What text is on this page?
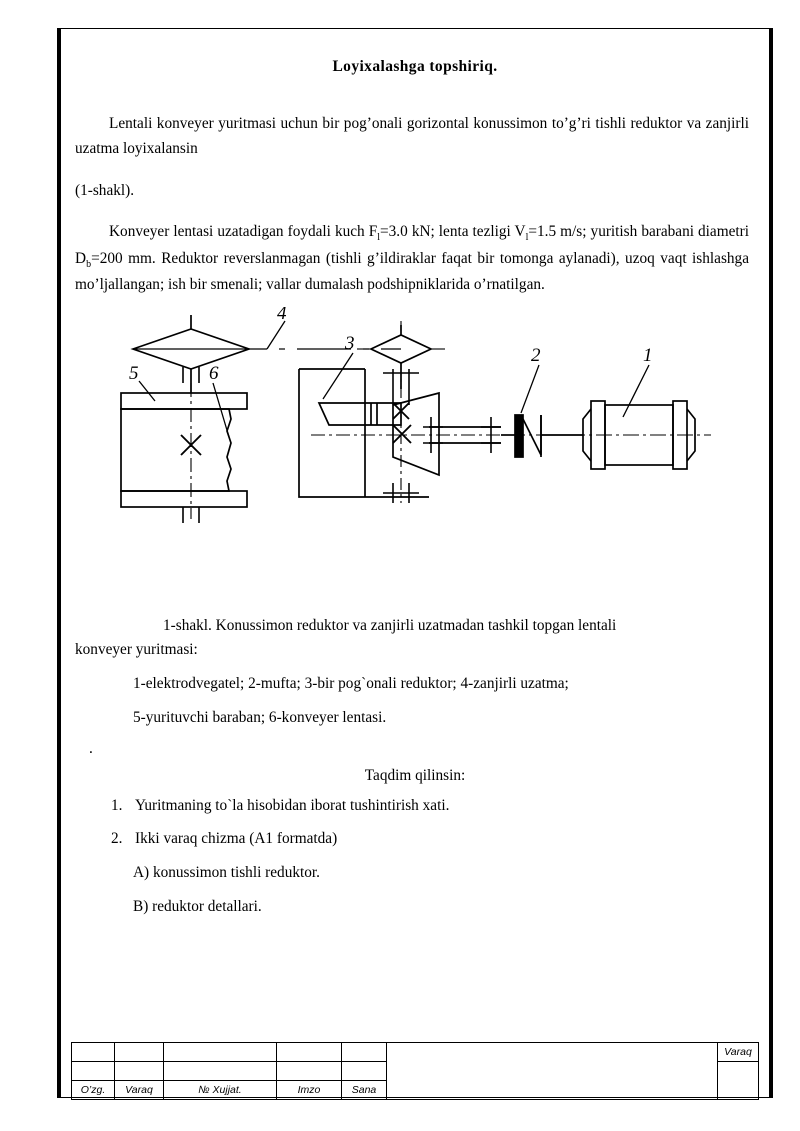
Loyixalashga topshiriq.
Lentali konveyer yuritmasi uchun bir pog’onali gorizontal konussimon to’g’ri tishli reduktor va zanjirli uzatma loyixalansin
(1-shakl).
Konveyer lentasi uzatadigan foydali kuch $F_l=3.0$ kN; lenta tezligi $V_l=1.5$ m/s; yuritish barabani diametri $D_b=200$ mm. Reduktor reverslanmagan (tishli g’ildiraklar faqat bir tomonga aylanadi), uzoq vaqt ishlashga mo’ljallangan; ish bir smenali; vallar dumalash podshipniklarida o’rnatilgan.
4
3
2	1
5	6
1-shakl. Konussimon reduktor va zanjirli uzatmadan tashkil topgan lentali
konveyer yuritmasi:
1-elektrodvegatel; 2-mufta; 3-bir pog`onali reduktor; 4-zanjirli uzatma;
5-yurituvchi baraban; 6-konveyer lentasi.
.
Taqdim qilinsin:
1. Yuritmaning to`la hisobidan iborat tushintirish xati.
2. Ikki varaq chizma (A1 formatda)
A) konussimon tishli reduktor.
B) reduktor detallari.
						Varaq

O’zg.	Varaq	№ Xujjat.	Imzo	Sana		
